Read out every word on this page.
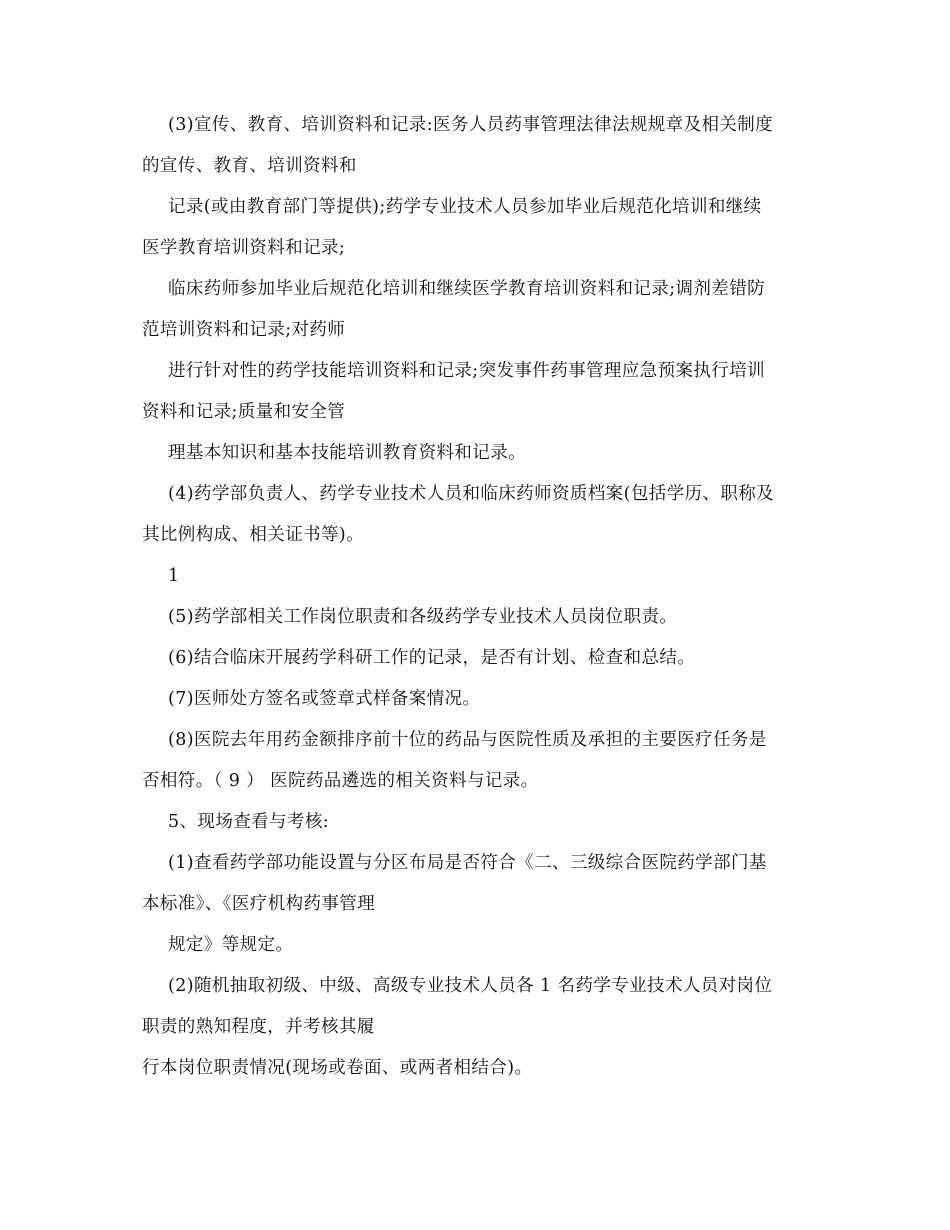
(3)宣传、教育、培训资料和记录:医务人员药事管理法律法规规章及相关制度
的宣传、教育、培训资料和
记录(或由教育部门等提供);药学专业技术人员参加毕业后规范化培训和继续
医学教育培训资料和记录;
临床药师参加毕业后规范化培训和继续医学教育培训资料和记录;调剂差错防
范培训资料和记录;对药师
进行针对性的药学技能培训资料和记录;突发事件药事管理应急预案执行培训
资料和记录;质量和安全管
理基本知识和基本技能培训教育资料和记录。
(4)药学部负责人、药学专业技术人员和临床药师资质档案(包括学历、职称及
其比例构成、相关证书等)。
1
(5)药学部相关工作岗位职责和各级药学专业技术人员岗位职责。
(6)结合临床开展药学科研工作的记录，是否有计划、检查和总结。
(7)医师处方签名或签章式样备案情况。
(8)医院去年用药金额排序前十位的药品与医院性质及承担的主要医疗任务是
否相符。（ 9 ） 医院药品遴选的相关资料与记录。
5、现场查看与考核:
(1)查看药学部功能设置与分区布局是否符合《二、三级综合医院药学部门基
本标准》、《医疗机构药事管理
规定》等规定。
(2)随机抽取初级、中级、高级专业技术人员各 1 名药学专业技术人员对岗位
职责的熟知程度，并考核其履
行本岗位职责情况(现场或卷面、或两者相结合)。
